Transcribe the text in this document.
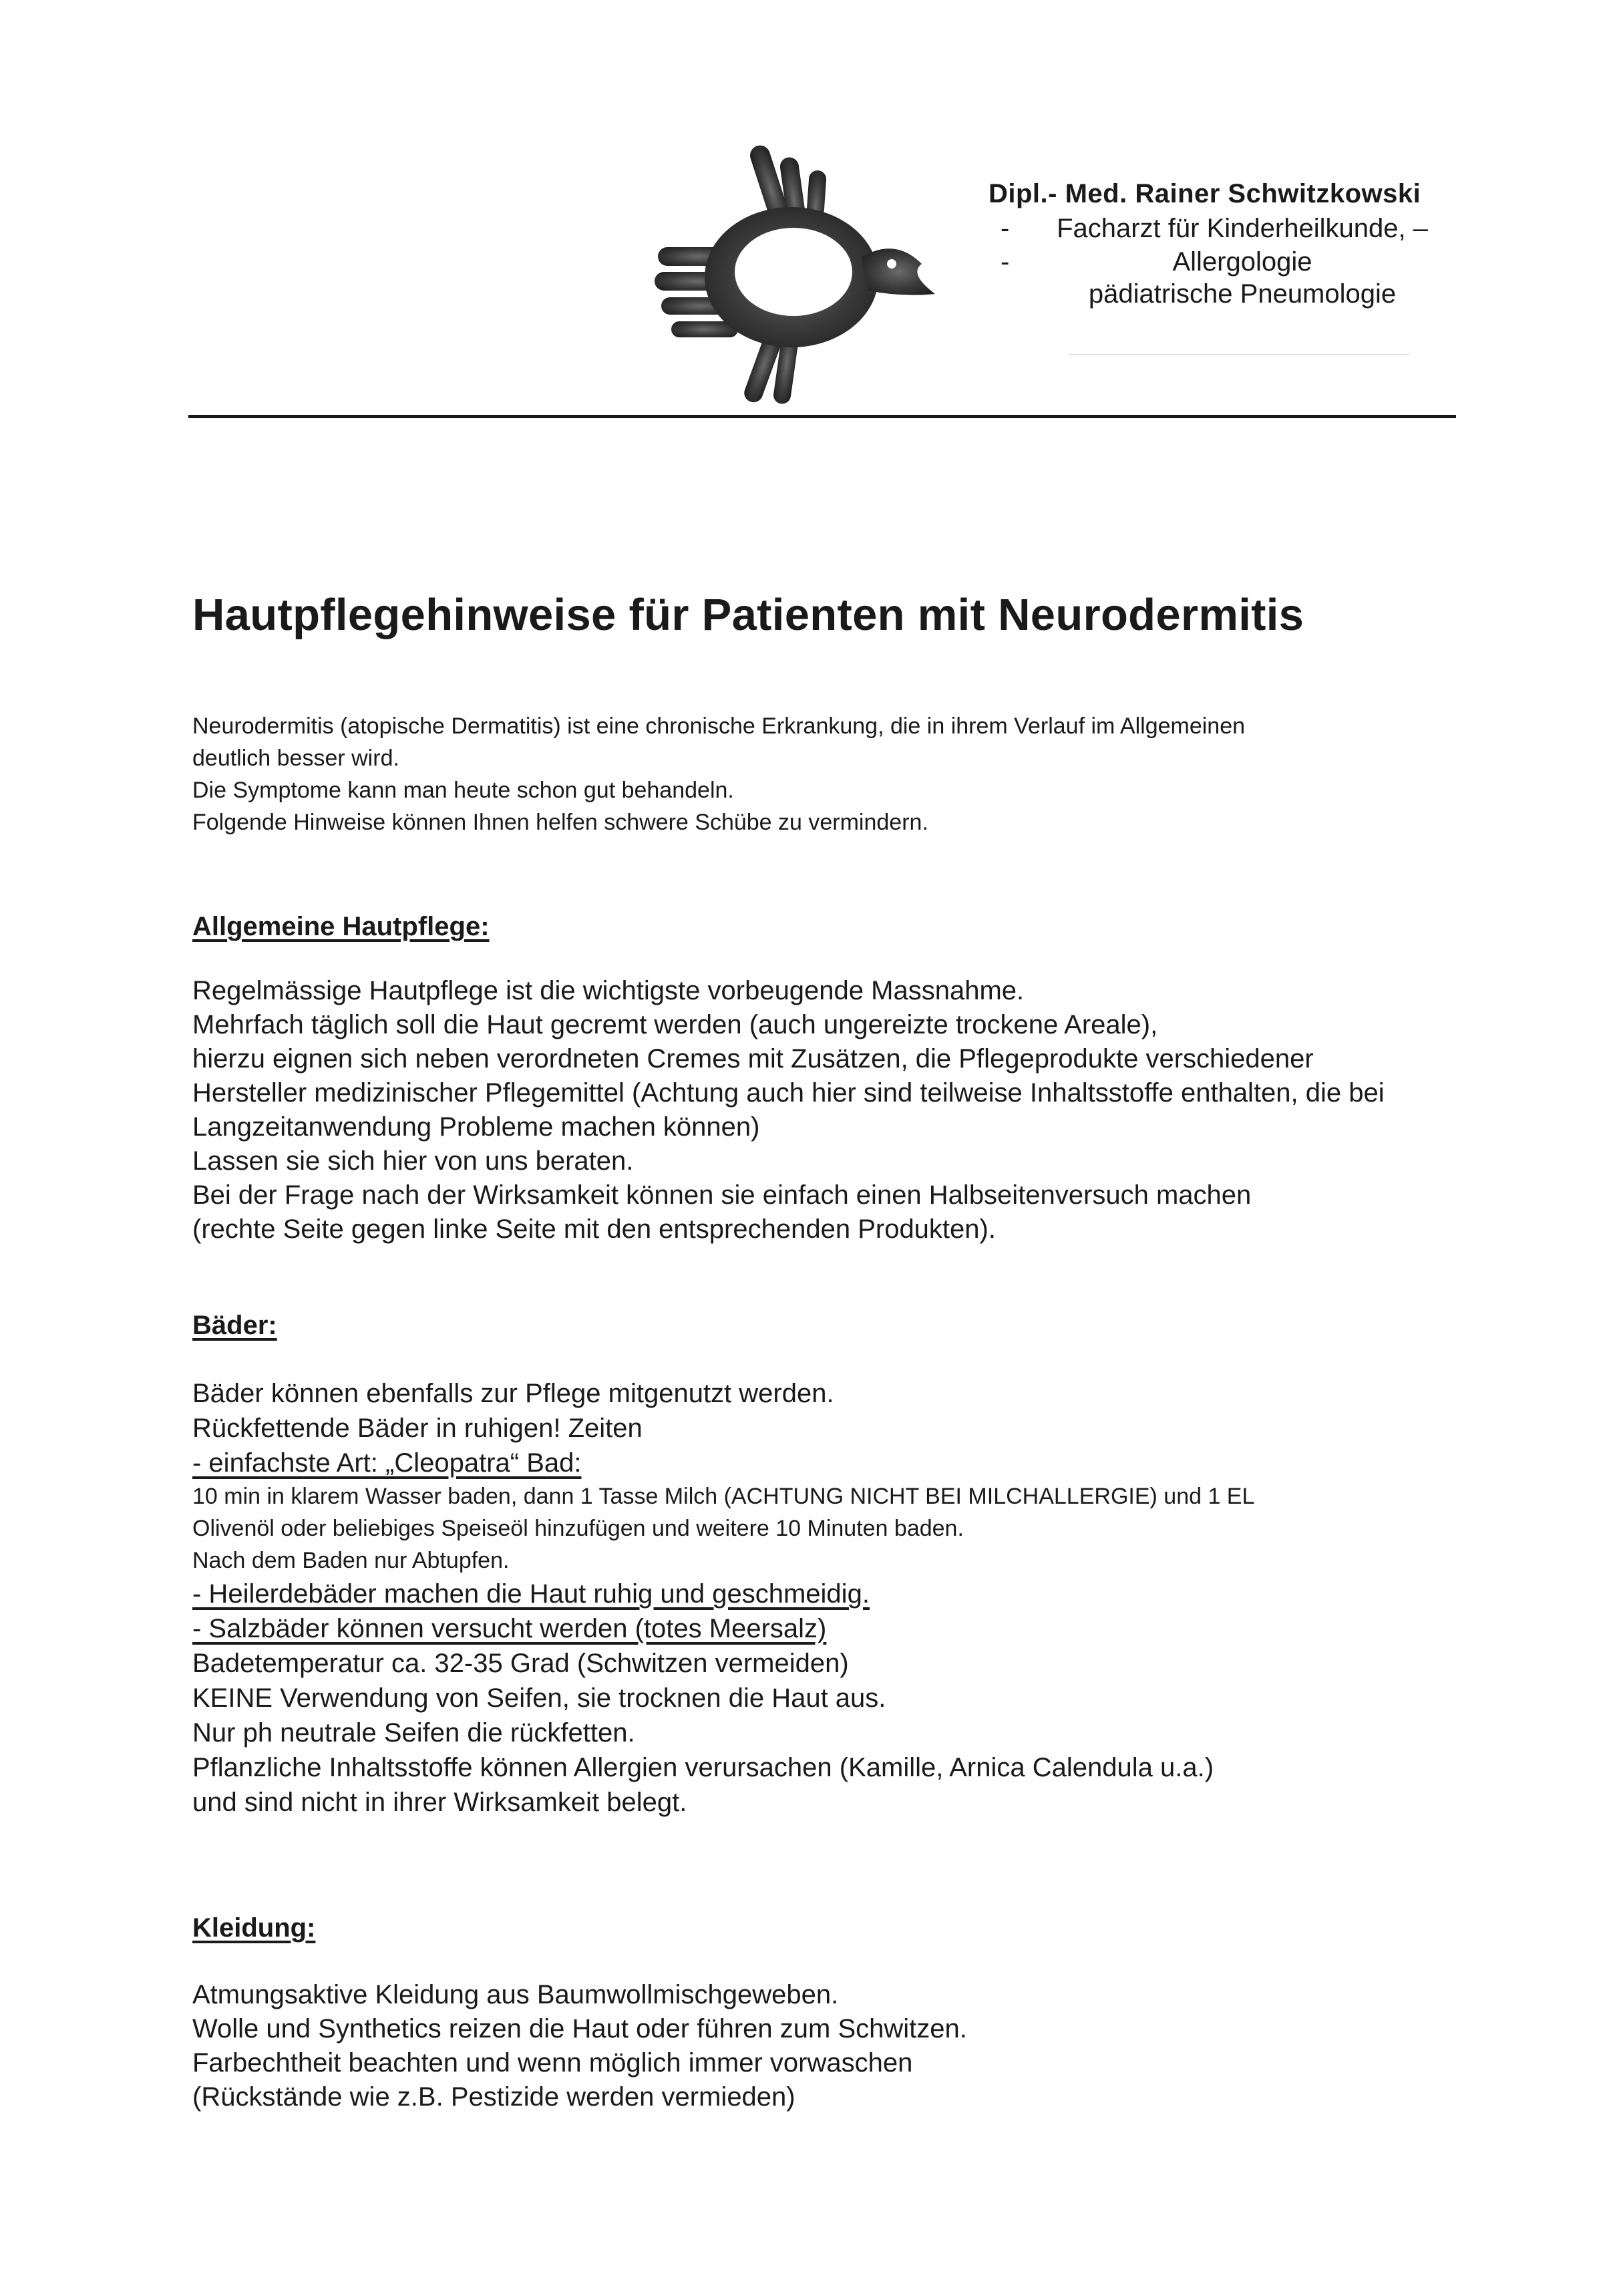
Dipl.- Med. Rainer Schwitzkowski
-	Facharzt für Kinderheilkunde, –
-	Allergologie
pädiatrische Pneumologie
Hautpflegehinweise für Patienten mit Neurodermitis
Neurodermitis (atopische Dermatitis) ist eine chronische Erkrankung, die in ihrem Verlauf im Allgemeinen
deutlich besser wird.
Die Symptome kann man heute schon gut behandeln.
Folgende Hinweise können Ihnen helfen schwere Schübe zu vermindern.
Allgemeine Hautpflege:
Regelmässige Hautpflege ist die wichtigste vorbeugende Massnahme.
Mehrfach täglich soll die Haut gecremt werden (auch ungereizte trockene Areale),
hierzu eignen sich neben verordneten Cremes mit Zusätzen, die Pflegeprodukte verschiedener
Hersteller medizinischer Pflegemittel (Achtung auch hier sind teilweise Inhaltsstoffe enthalten, die bei
Langzeitanwendung Probleme machen können)
Lassen sie sich hier von uns beraten.
Bei der Frage nach der Wirksamkeit können sie einfach einen Halbseitenversuch machen
(rechte Seite gegen linke Seite mit den entsprechenden Produkten).
Bäder:
Bäder können ebenfalls zur Pflege mitgenutzt werden.
Rückfettende Bäder in ruhigen! Zeiten
- einfachste Art: „Cleopatra“ Bad:
10 min in klarem Wasser baden, dann 1 Tasse Milch (ACHTUNG NICHT BEI MILCHALLERGIE) und 1 EL
Olivenöl oder beliebiges Speiseöl hinzufügen und weitere 10 Minuten baden.
Nach dem Baden nur Abtupfen.
- Heilerdebäder machen die Haut ruhig und geschmeidig.
- Salzbäder können versucht werden (totes Meersalz)
Badetemperatur ca. 32-35 Grad (Schwitzen vermeiden)
KEINE Verwendung von Seifen, sie trocknen die Haut aus.
Nur ph neutrale Seifen die rückfetten.
Pflanzliche Inhaltsstoffe können Allergien verursachen (Kamille, Arnica Calendula u.a.)
und sind nicht in ihrer Wirksamkeit belegt.
Kleidung:
Atmungsaktive Kleidung aus Baumwollmischgeweben.
Wolle und Synthetics reizen die Haut oder führen zum Schwitzen.
Farbechtheit beachten und wenn möglich immer vorwaschen
(Rückstände wie z.B. Pestizide werden vermieden)
